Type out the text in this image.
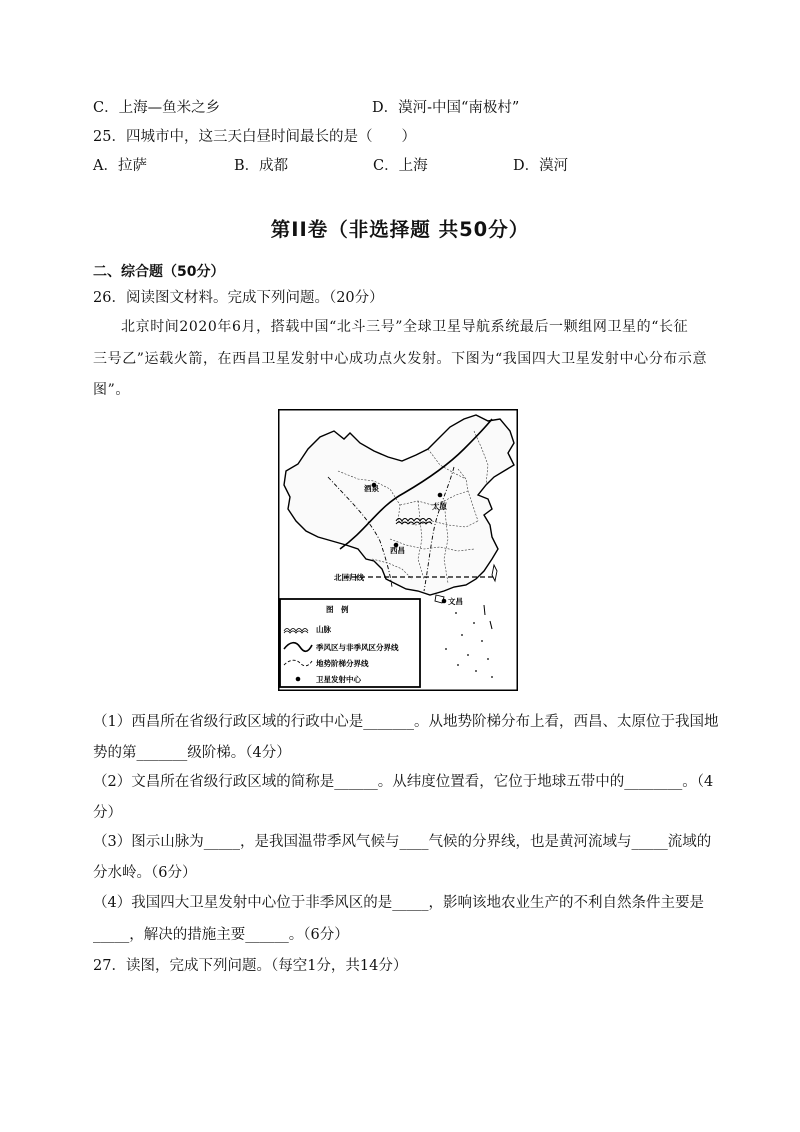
C．上海—鱼米之乡	D．漠河-中国“南极村”
25．四城市中，这三天白昼时间最长的是（　　）
A．拉萨	B．成都	C．上海	D．漠河
第II卷（非选择题 共50分）
二、综合题（50分）
26．阅读图文材料。完成下列问题。（20分）
北京时间2020年6月，搭载中国“北斗三号”全球卫星导航系统最后一颗组网卫星的“长征
三号乙”运载火箭，在西昌卫星发射中心成功点火发射。下图为“我国四大卫星发射中心分布示意
图”。
酒泉
太原
西昌
文昌
北回归线
图　例
山脉
季风区与非季风区分界线
地势阶梯分界线
卫星发射中心
（1）西昌所在省级行政区域的行政中心是_______。从地势阶梯分布上看，西昌、太原位于我国地
势的第_______级阶梯。（4分）
（2）文昌所在省级行政区域的简称是______。从纬度位置看，它位于地球五带中的________。（4
分）
（3）图示山脉为_____，是我国温带季风气候与____气候的分界线，也是黄河流域与_____流域的
分水岭。（6分）
（4）我国四大卫星发射中心位于非季风区的是_____，影响该地农业生产的不利自然条件主要是
_____，解决的措施主要______。（6分）
27．读图，完成下列问题。（每空1分，共14分）
